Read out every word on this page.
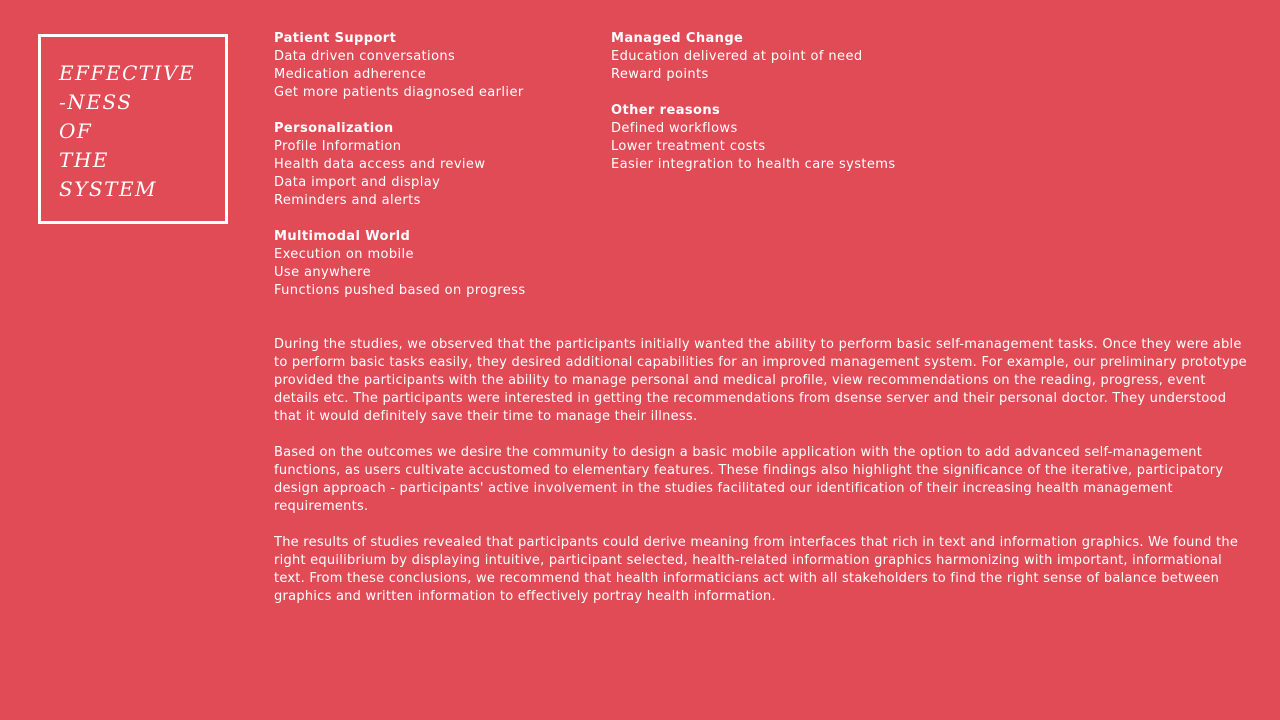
EFFECTIVE
-NESS
OF
THE
SYSTEM
Patient Support
Data driven conversations
Medication adherence
Get more patients diagnosed earlier
Personalization
Profile Information
Health data access and review
Data import and display
Reminders and alerts
Multimodal World
Execution on mobile
Use anywhere
Functions pushed based on progress
Managed Change
Education delivered at point of need
Reward points
Other reasons
Defined workflows
Lower treatment costs
Easier integration to health care systems

During the studies, we observed that the participants initially wanted the ability to perform basic self-management tasks. Once they were able to perform basic tasks easily, they desired additional capabilities for an improved management system. For example, our preliminary prototype provided the participants with the ability to manage personal and medical profile, view recommendations on the reading, progress, event details etc. The participants were interested in getting the recommendations from dsense server and their personal doctor. They understood that it would definitely save their time to manage their illness.

Based on the outcomes we desire the community to design a basic mobile application with the option to add advanced self-management functions, as users cultivate accustomed to elementary features. These findings also highlight the significance of the iterative, participatory design approach - participants' active involvement in the studies facilitated our identification of their increasing health management requirements.

The results of studies revealed that participants could derive meaning from interfaces that rich in text and information graphics. We found the right equilibrium by displaying intuitive, participant selected, health-related information graphics harmonizing with important, informational text. From these conclusions, we recommend that health informaticians act with all stakeholders to find the right sense of balance between graphics and written information to effectively portray health information.
